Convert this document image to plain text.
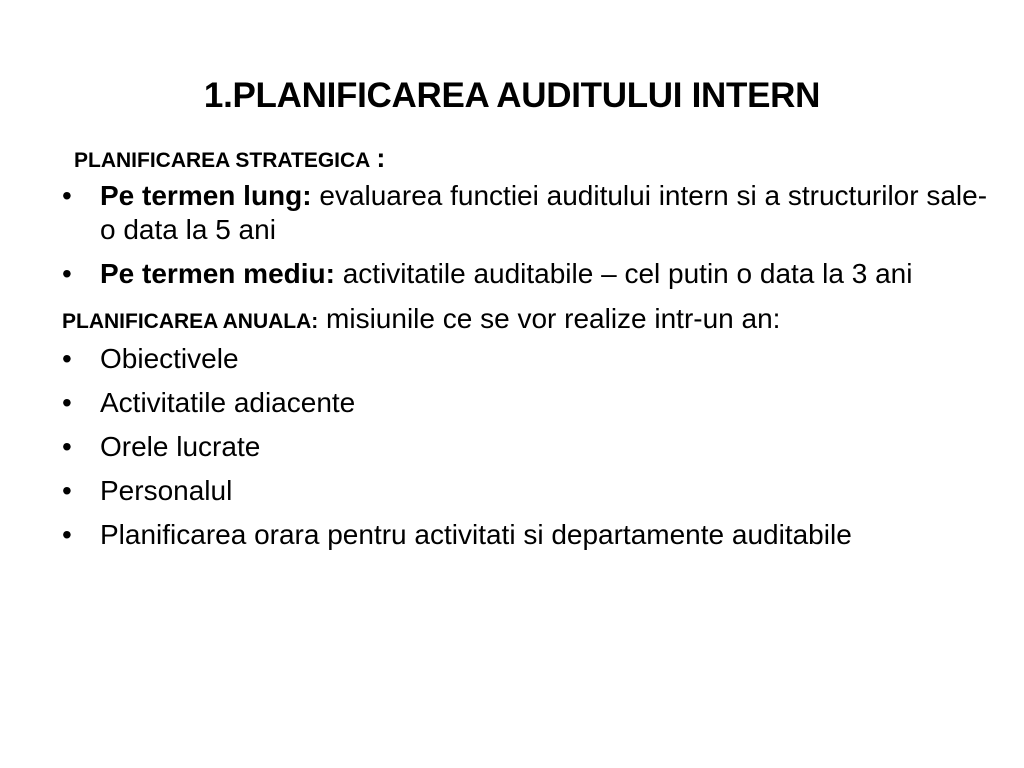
1.PLANIFICAREA AUDITULUI INTERN

PLANIFICAREA STRATEGICA :

•	Pe termen lung: evaluarea functiei auditului intern si a structurilor sale- o data la 5 ani
•	Pe termen mediu: activitatile auditabile – cel putin o data la 3 ani

PLANIFICAREA ANUALA: misiunile ce se vor realize intr-un an:

•	Obiectivele
•	Activitatile adiacente
•	Orele lucrate
•	Personalul
•	Planificarea orara pentru activitati si departamente auditabile
